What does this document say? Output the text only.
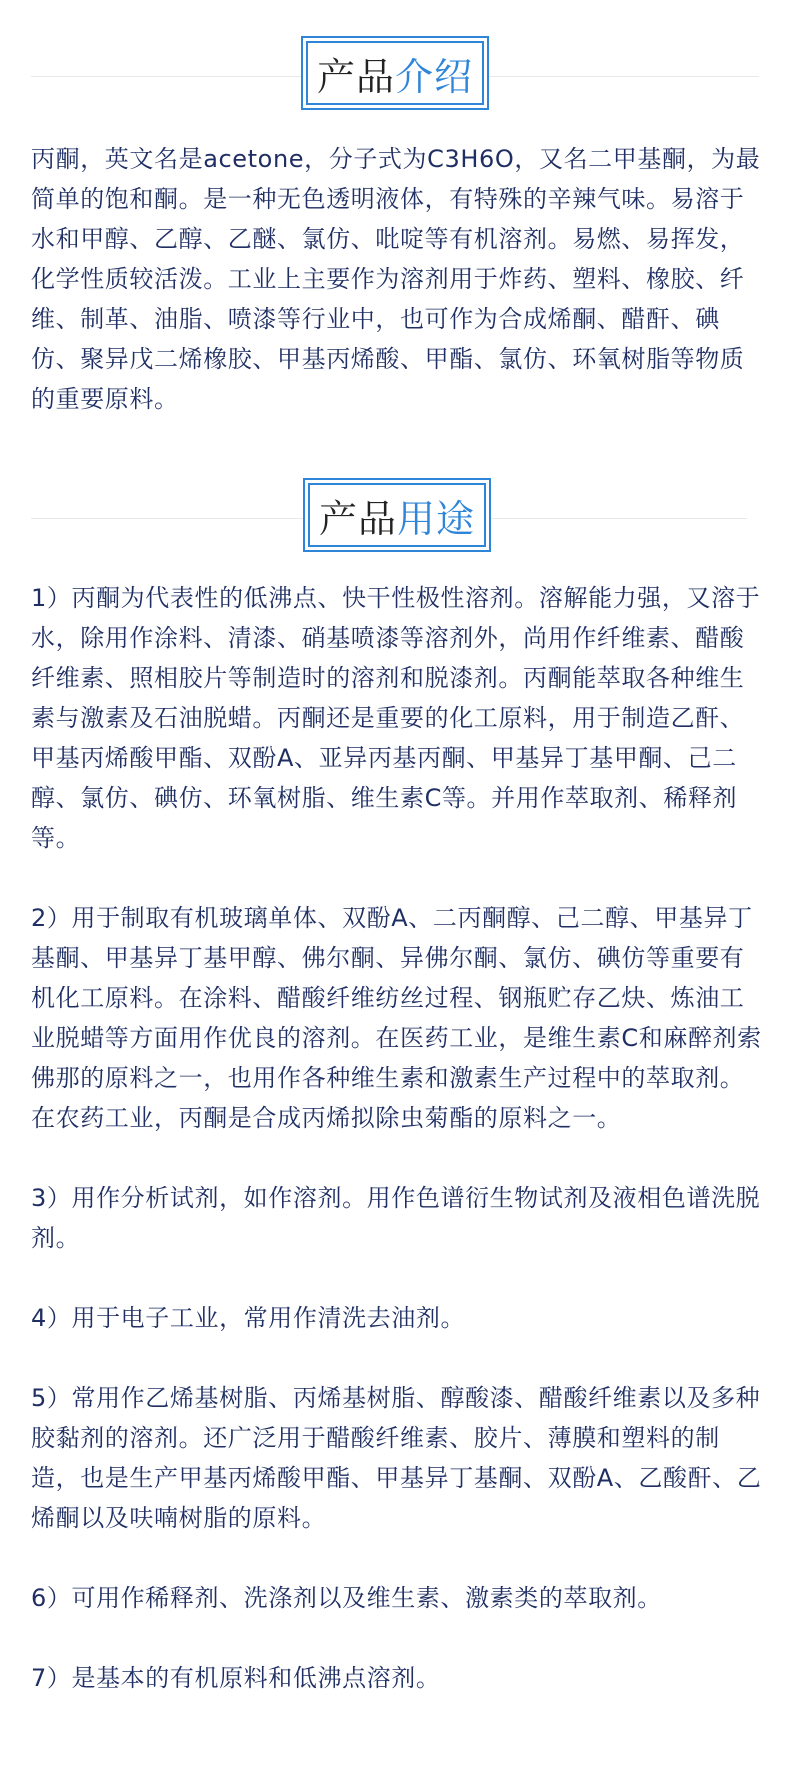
产品 介绍

丙酮，英文名是acetone，分子式为C3H6O，又名二甲基酮，为最简单的饱和酮。是一种无色透明液体，有特殊的辛辣气味。易溶于水和甲醇、乙醇、乙醚、氯仿、吡啶等有机溶剂。易燃、易挥发，化学性质较活泼。工业上主要作为溶剂用于炸药、塑料、橡胶、纤维、制革、油脂、喷漆等行业中，也可作为合成烯酮、醋酐、碘仿、聚异戊二烯橡胶、甲基丙烯酸、甲酯、氯仿、环氧树脂等物质的重要原料。

产品 用途

1）丙酮为代表性的低沸点、快干性极性溶剂。溶解能力强，又溶于水，除用作涂料、清漆、硝基喷漆等溶剂外，尚用作纤维素、醋酸纤维素、照相胶片等制造时的溶剂和脱漆剂。丙酮能萃取各种维生素与激素及石油脱蜡。丙酮还是重要的化工原料，用于制造乙酐、甲基丙烯酸甲酯、双酚A、亚异丙基丙酮、甲基异丁基甲酮、己二醇、氯仿、碘仿、环氧树脂、维生素C等。并用作萃取剂、稀释剂等。

2）用于制取有机玻璃单体、双酚A、二丙酮醇、己二醇、甲基异丁基酮、甲基异丁基甲醇、佛尔酮、异佛尔酮、氯仿、碘仿等重要有机化工原料。在涂料、醋酸纤维纺丝过程、钢瓶贮存乙炔、炼油工业脱蜡等方面用作优良的溶剂。在医药工业，是维生素C和麻醉剂索佛那的原料之一，也用作各种维生素和激素生产过程中的萃取剂。在农药工业，丙酮是合成丙烯拟除虫菊酯的原料之一。

3）用作分析试剂，如作溶剂。用作色谱衍生物试剂及液相色谱洗脱剂。

4）用于电子工业，常用作清洗去油剂。

5）常用作乙烯基树脂、丙烯基树脂、醇酸漆、醋酸纤维素以及多种胶黏剂的溶剂。还广泛用于醋酸纤维素、胶片、薄膜和塑料的制造，也是生产甲基丙烯酸甲酯、甲基异丁基酮、双酚A、乙酸酐、乙烯酮以及呋喃树脂的原料。

6）可用作稀释剂、洗涤剂以及维生素、激素类的萃取剂。

7）是基本的有机原料和低沸点溶剂。
